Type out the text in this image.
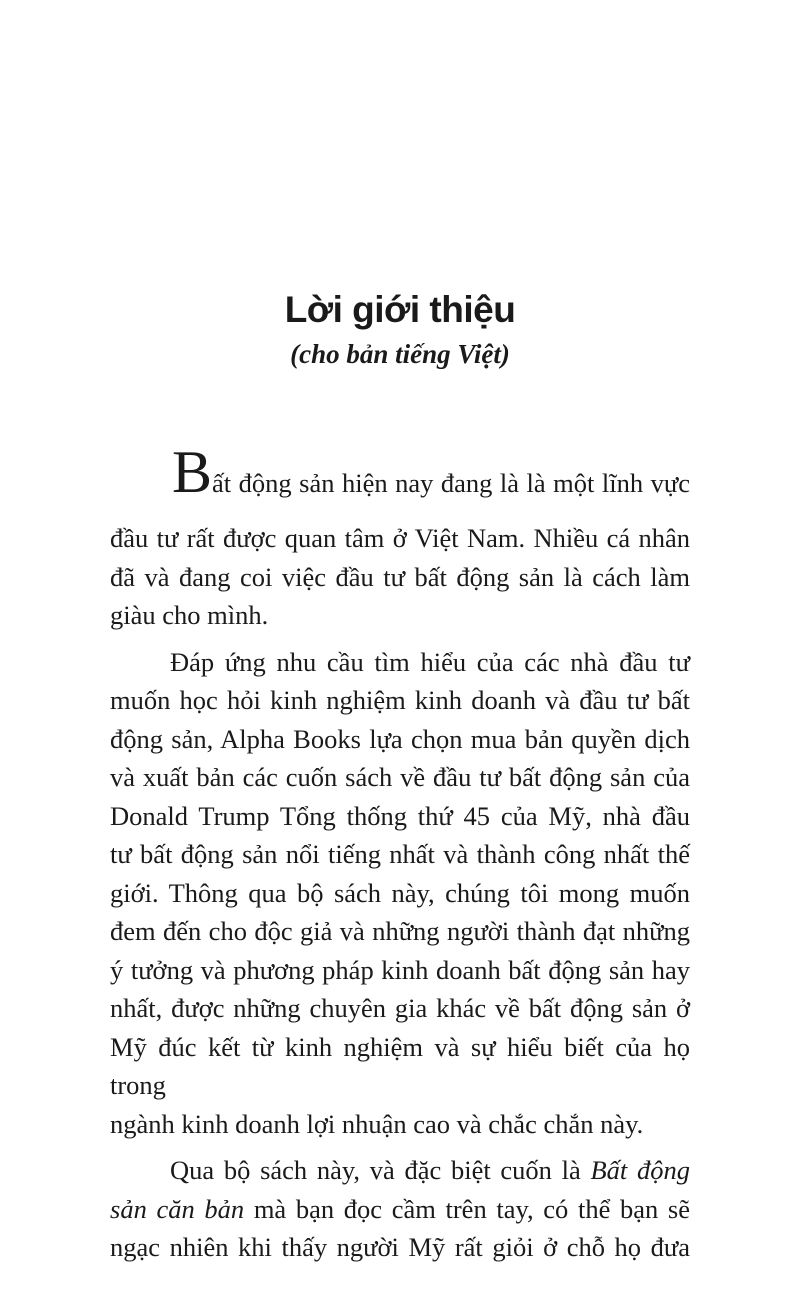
Lời giới thiệu
(cho bản tiếng Việt)
Bất động sản hiện nay đang là là một lĩnh vực
đầu tư rất được quan tâm ở Việt Nam. Nhiều cá nhân
đã và đang coi việc đầu tư bất động sản là cách làm
giàu cho mình.
Đáp ứng nhu cầu tìm hiểu của các nhà đầu tư
muốn học hỏi kinh nghiệm kinh doanh và đầu tư bất
động sản, Alpha Books lựa chọn mua bản quyền dịch
và xuất bản các cuốn sách về đầu tư bất động sản của
Donald Trump Tổng thống thứ 45 của Mỹ, nhà đầu
tư bất động sản nổi tiếng nhất và thành công nhất thế
giới. Thông qua bộ sách này, chúng tôi mong muốn
đem đến cho độc giả và những người thành đạt những
ý tưởng và phương pháp kinh doanh bất động sản hay
nhất, được những chuyên gia khác về bất động sản ở
Mỹ đúc kết từ kinh nghiệm và sự hiểu biết của họ trong
ngành kinh doanh lợi nhuận cao và chắc chắn này.
Qua bộ sách này, và đặc biệt cuốn là Bất động
sản căn bản mà bạn đọc cầm trên tay, có thể bạn sẽ
ngạc nhiên khi thấy người Mỹ rất giỏi ở chỗ họ đưa
